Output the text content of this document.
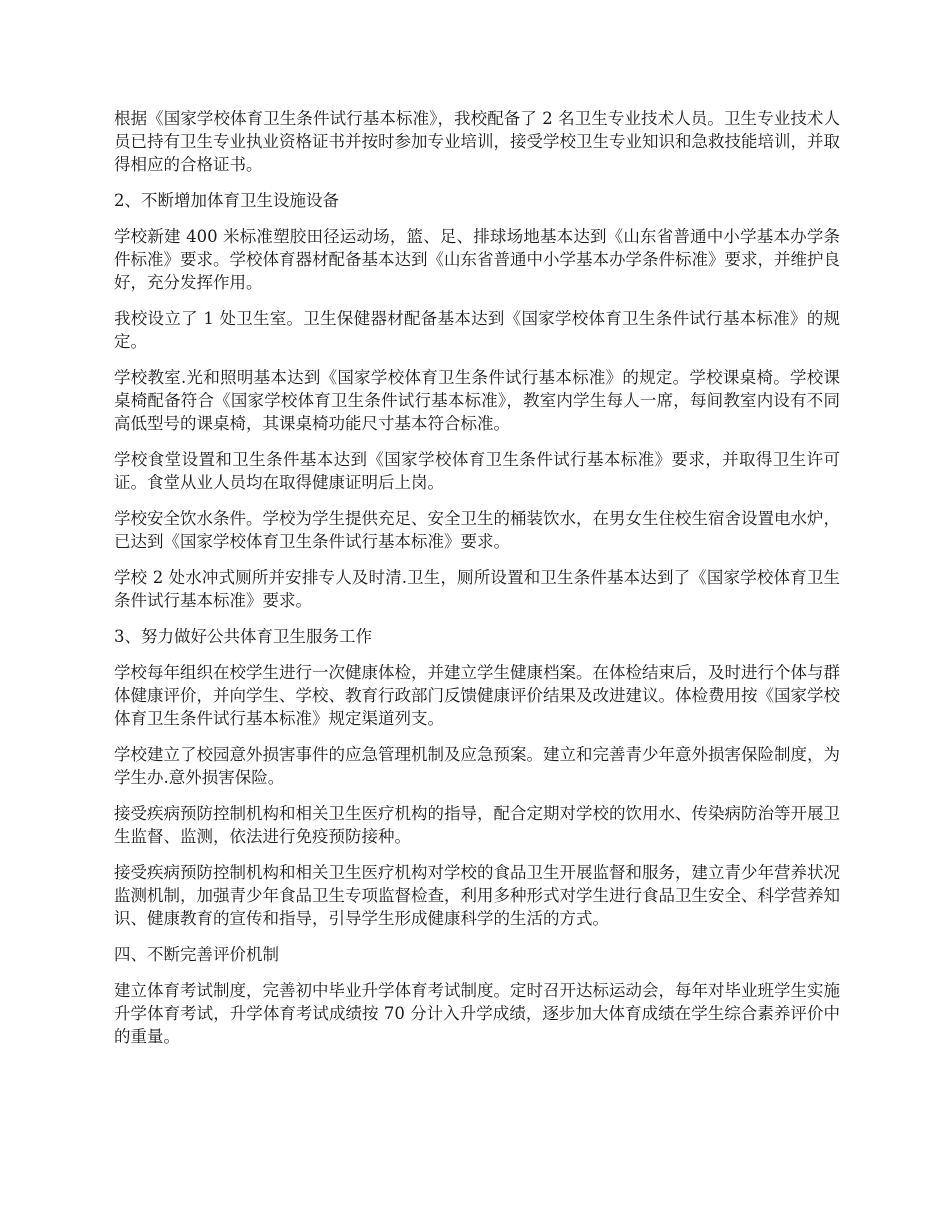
根据《国家学校体育卫生条件试行基本标准》，我校配备了 2 名卫生专业技术人员。卫生专业技术人员已持有卫生专业执业资格证书并按时参加专业培训，接受学校卫生专业知识和急救技能培训，并取得相应的合格证书。

2、不断增加体育卫生设施设备

学校新建 400 米标准塑胶田径运动场，篮、足、排球场地基本达到《山东省普通中小学基本办学条件标准》要求。学校体育器材配备基本达到《山东省普通中小学基本办学条件标准》要求，并维护良好，充分发挥作用。

我校设立了 1 处卫生室。卫生保健器材配备基本达到《国家学校体育卫生条件试行基本标准》的规定。

学校教室.光和照明基本达到《国家学校体育卫生条件试行基本标准》的规定。学校课桌椅。学校课桌椅配备符合《国家学校体育卫生条件试行基本标准》，教室内学生每人一席，每间教室内设有不同高低型号的课桌椅，其课桌椅功能尺寸基本符合标准。

学校食堂设置和卫生条件基本达到《国家学校体育卫生条件试行基本标准》要求，并取得卫生许可证。食堂从业人员均在取得健康证明后上岗。

学校安全饮水条件。学校为学生提供充足、安全卫生的桶装饮水，在男女生住校生宿舍设置电水炉，已达到《国家学校体育卫生条件试行基本标准》要求。

学校 2 处水冲式厕所并安排专人及时清.卫生，厕所设置和卫生条件基本达到了《国家学校体育卫生条件试行基本标准》要求。

3、努力做好公共体育卫生服务工作

学校每年组织在校学生进行一次健康体检，并建立学生健康档案。在体检结束后，及时进行个体与群体健康评价，并向学生、学校、教育行政部门反馈健康评价结果及改进建议。体检费用按《国家学校体育卫生条件试行基本标准》规定渠道列支。

学校建立了校园意外损害事件的应急管理机制及应急预案。建立和完善青少年意外损害保险制度，为学生办.意外损害保险。

接受疾病预防控制机构和相关卫生医疗机构的指导，配合定期对学校的饮用水、传染病防治等开展卫生监督、监测，依法进行免疫预防接种。

接受疾病预防控制机构和相关卫生医疗机构对学校的食品卫生开展监督和服务，建立青少年营养状况监测机制，加强青少年食品卫生专项监督检查，利用多种形式对学生进行食品卫生安全、科学营养知识、健康教育的宣传和指导，引导学生形成健康科学的生活的方式。

四、不断完善评价机制

建立体育考试制度，完善初中毕业升学体育考试制度。定时召开达标运动会，每年对毕业班学生实施升学体育考试，升学体育考试成绩按 70 分计入升学成绩，逐步加大体育成绩在学生综合素养评价中的重量。
